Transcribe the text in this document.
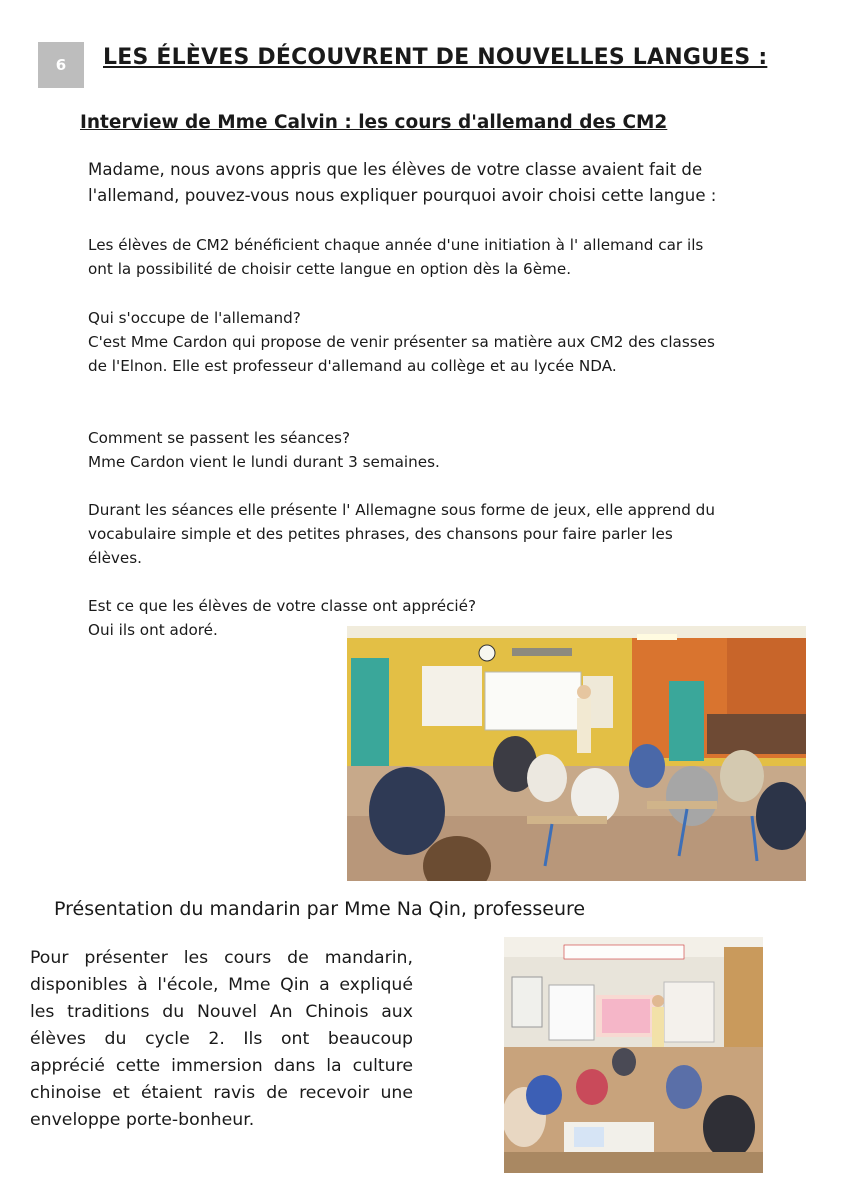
6	LES ÉLÈVES DÉCOUVRENT DE NOUVELLES LANGUES :
Interview de Mme Calvin : les cours d'allemand des CM2

Madame, nous avons appris que les élèves de votre classe avaient fait de
l'allemand, pouvez-vous nous expliquer pourquoi avoir choisi cette langue :

Les élèves de CM2 bénéficient chaque année d'une initiation à l' allemand car ils
ont la possibilité de choisir cette langue en option dès la 6ème.

Qui s'occupe de l'allemand?
C'est Mme Cardon qui propose de venir présenter sa matière aux CM2 des classes
de l'Elnon. Elle est professeur d'allemand au collège et au lycée NDA.

Comment se passent les séances?
Mme Cardon vient le lundi durant 3 semaines.

Durant les séances elle présente l' Allemagne sous forme de jeux, elle apprend du
vocabulaire simple et des petites phrases, des chansons pour faire parler les
élèves.

Est ce que les élèves de votre classe ont apprécié?
Oui ils ont adoré.

Présentation du mandarin par Mme Na Qin, professeure

Pour présenter les cours de mandarin, disponibles à l'école, Mme Qin a expliqué les traditions du Nouvel An Chinois aux élèves du cycle 2. Ils ont beaucoup apprécié cette immersion dans la culture chinoise et étaient ravis de recevoir une enveloppe porte-bonheur.
